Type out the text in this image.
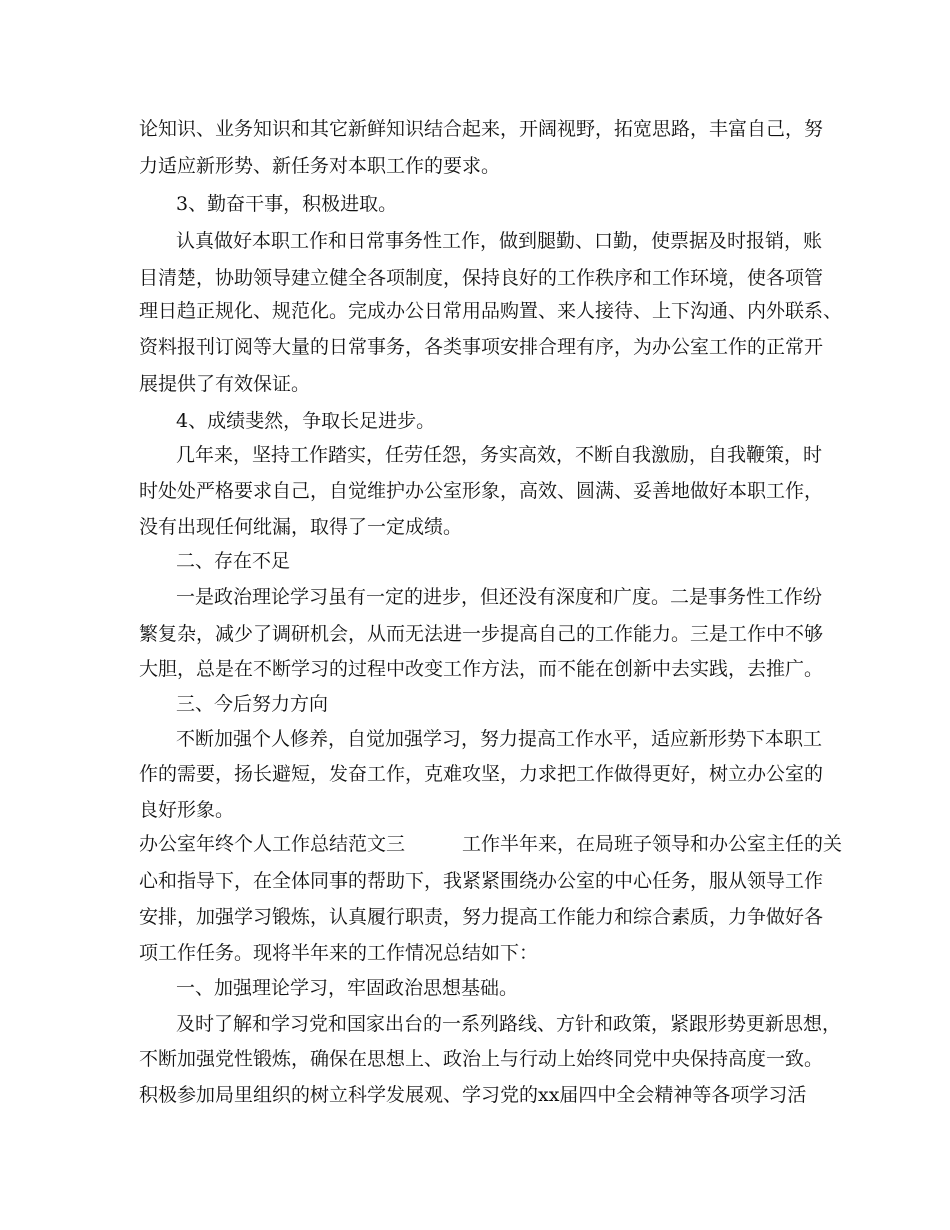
论知识、业务知识和其它新鲜知识结合起来，开阔视野，拓宽思路，丰富自己，努
力适应新形势、新任务对本职工作的要求。
3、勤奋干事，积极进取。
认真做好本职工作和日常事务性工作，做到腿勤、口勤，使票据及时报销，账
目清楚，协助领导建立健全各项制度，保持良好的工作秩序和工作环境，使各项管
理日趋正规化、规范化。完成办公日常用品购置、来人接待、上下沟通、内外联系、
资料报刊订阅等大量的日常事务，各类事项安排合理有序，为办公室工作的正常开
展提供了有效保证。
4、成绩斐然，争取长足进步。
几年来，坚持工作踏实，任劳任怨，务实高效，不断自我激励，自我鞭策，时
时处处严格要求自己，自觉维护办公室形象，高效、圆满、妥善地做好本职工作，
没有出现任何纰漏，取得了一定成绩。
二、存在不足
一是政治理论学习虽有一定的进步，但还没有深度和广度。二是事务性工作纷
繁复杂，减少了调研机会，从而无法进一步提高自己的工作能力。三是工作中不够
大胆，总是在不断学习的过程中改变工作方法，而不能在创新中去实践，去推广。
三、今后努力方向
不断加强个人修养，自觉加强学习，努力提高工作水平，适应新形势下本职工
作的需要，扬长避短，发奋工作，克难攻坚，力求把工作做得更好，树立办公室的
良好形象。
办公室年终个人工作总结范文三　　　工作半年来，在局班子领导和办公室主任的关
心和指导下，在全体同事的帮助下，我紧紧围绕办公室的中心任务，服从领导工作
安排，加强学习锻炼，认真履行职责，努力提高工作能力和综合素质，力争做好各
项工作任务。现将半年来的工作情况总结如下：
一、加强理论学习，牢固政治思想基础。
及时了解和学习党和国家出台的一系列路线、方针和政策，紧跟形势更新思想，
不断加强党性锻炼，确保在思想上、政治上与行动上始终同党中央保持高度一致。
积极参加局里组织的树立科学发展观、学习党的xx届四中全会精神等各项学习活
